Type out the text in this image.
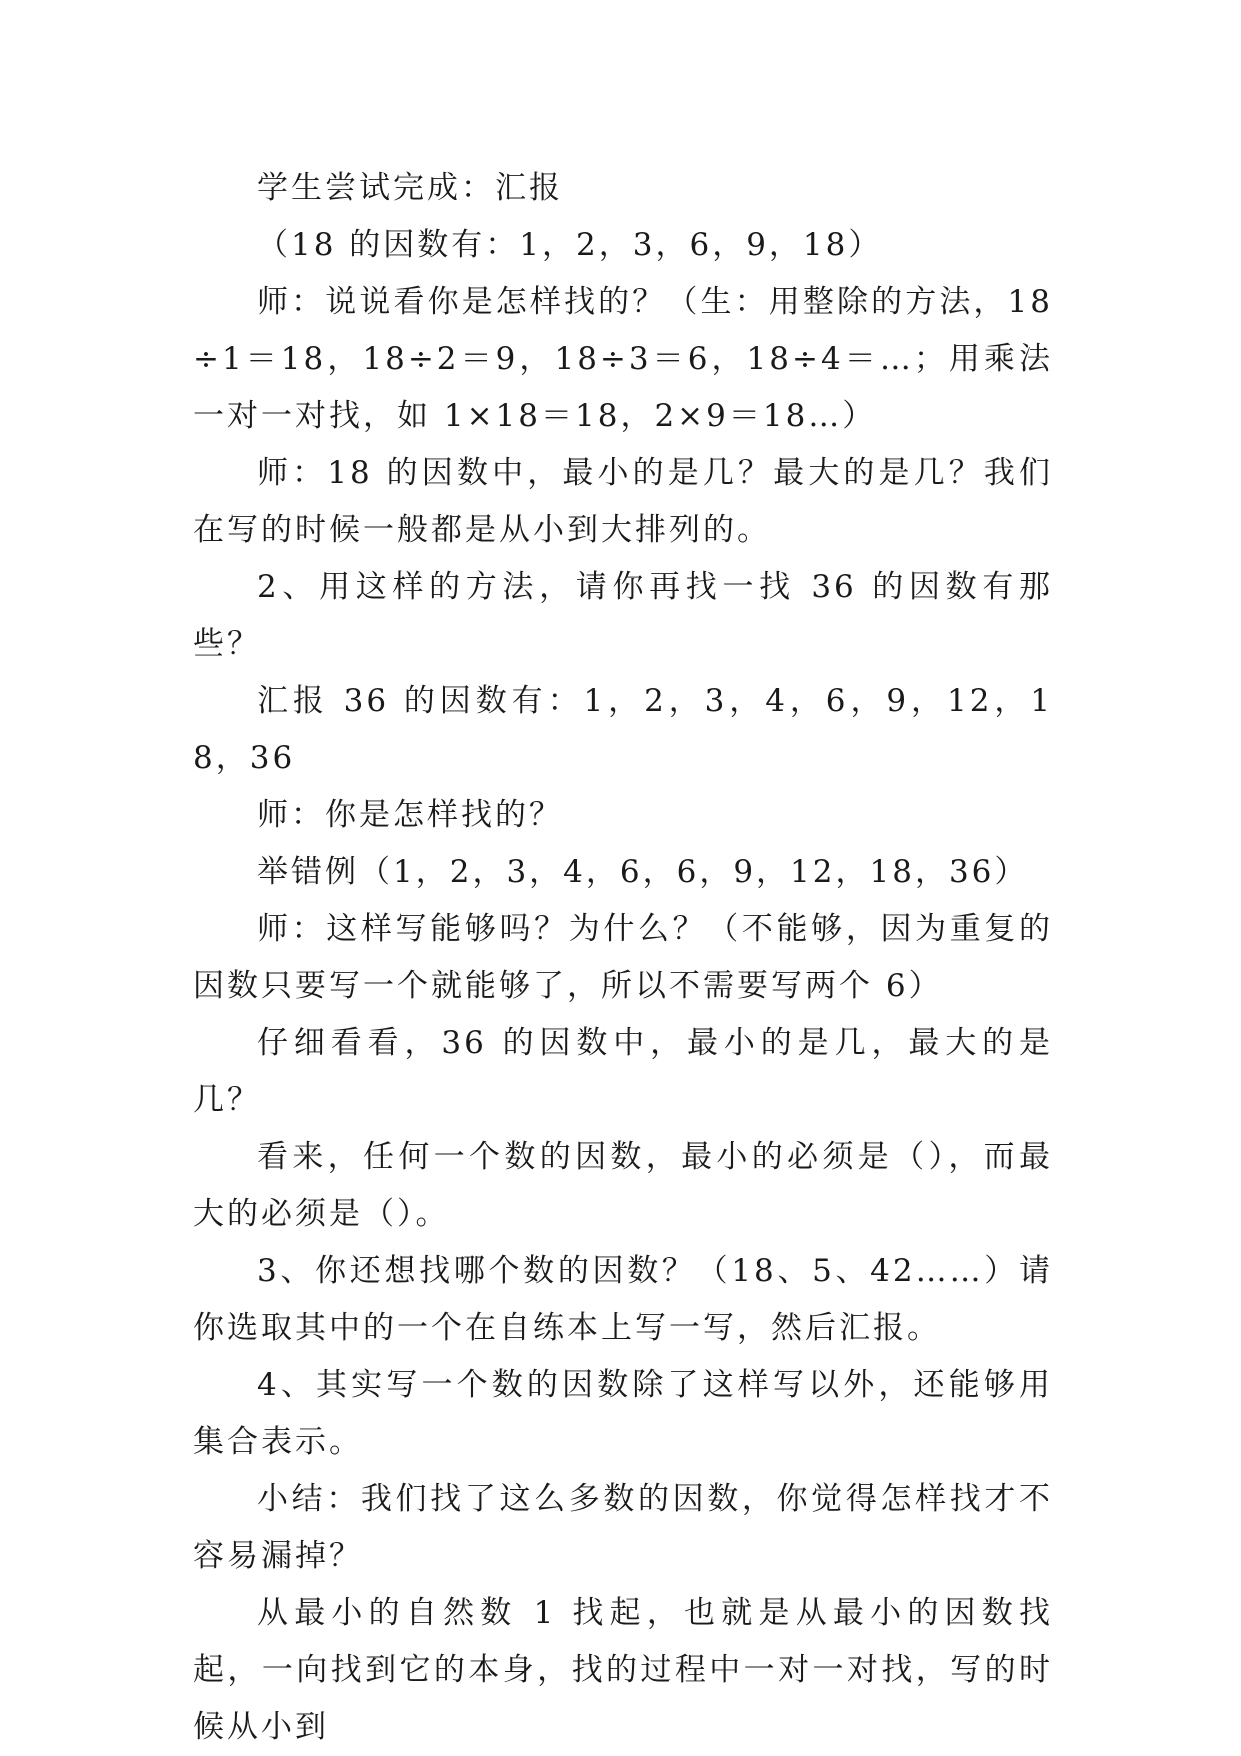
学生尝试完成：汇报

（18 的因数有：1，2，3，6，9，18）

师：说说看你是怎样找的？（生：用整除的方法，18÷1＝18，18÷2＝9，18÷3＝6，18÷4＝…；用乘法一对一对找，如 1×18＝18，2×9＝18…）

师：18 的因数中，最小的是几？最大的是几？我们在写的时候一般都是从小到大排列的。

2、用这样的方法，请你再找一找 36 的因数有那些？

汇报 36 的因数有：1，2，3，4，6，9，12，18，36

师：你是怎样找的？

举错例（1，2，3，4，6，6，9，12，18，36）

师：这样写能够吗？为什么？（不能够，因为重复的因数只要写一个就能够了，所以不需要写两个 6）

仔细看看，36 的因数中，最小的是几，最大的是几？

看来，任何一个数的因数，最小的必须是（），而最大的必须是（）。

3、你还想找哪个数的因数？（18、5、42……）请你选取其中的一个在自练本上写一写，然后汇报。

4、其实写一个数的因数除了这样写以外，还能够用集合表示。

小结：我们找了这么多数的因数，你觉得怎样找才不容易漏掉？

从最小的自然数 1 找起，也就是从最小的因数找起，一向找到它的本身，找的过程中一对一对找，写的时候从小到
